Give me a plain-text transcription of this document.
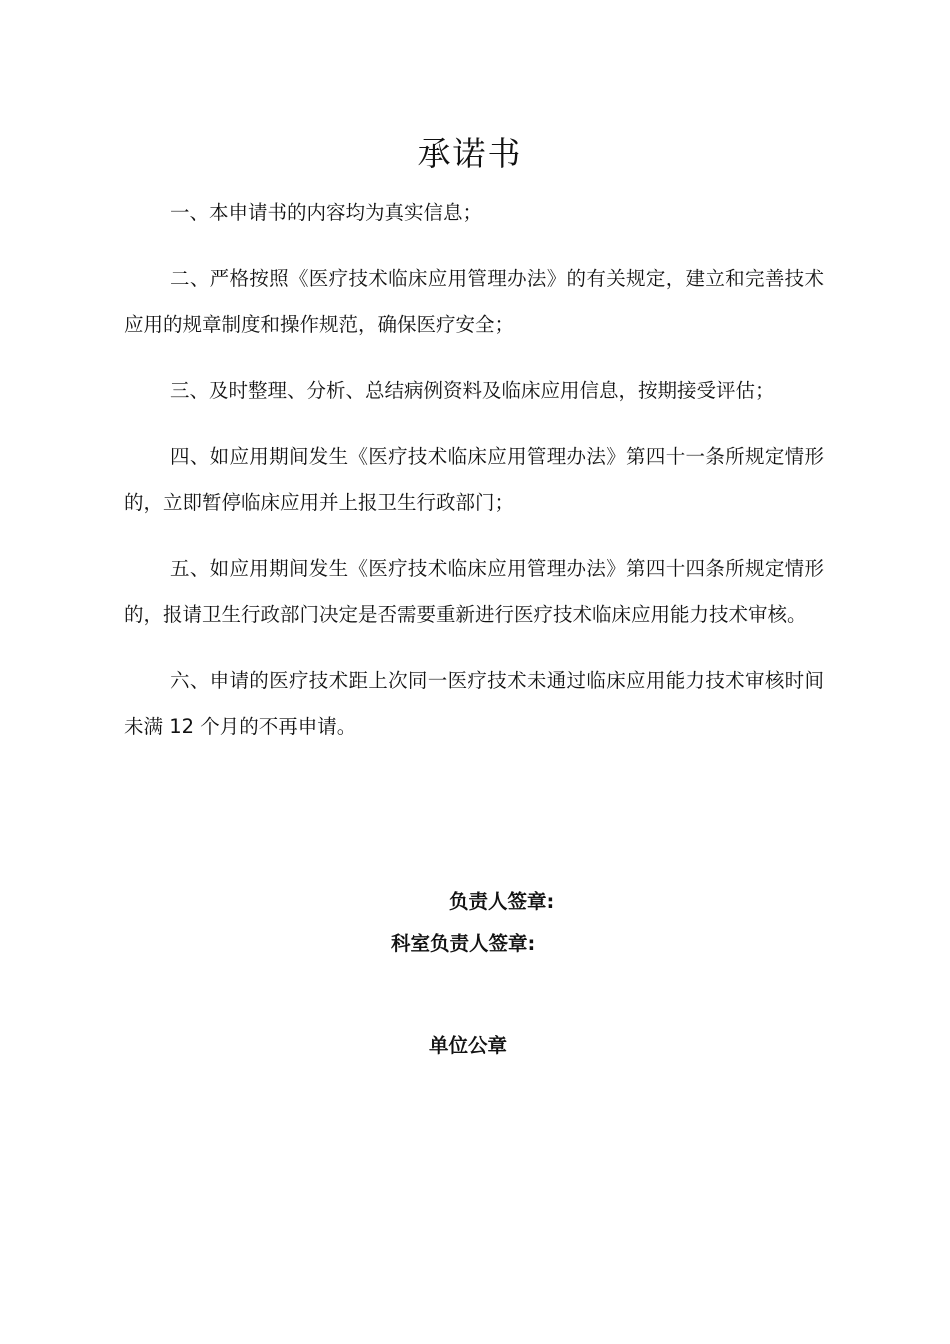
承诺书

一、本申请书的内容均为真实信息；

二、严格按照《医疗技术临床应用管理办法》的有关规定，建立和完善技术应用的规章制度和操作规范，确保医疗安全；

三、及时整理、分析、总结病例资料及临床应用信息，按期接受评估；

四、如应用期间发生《医疗技术临床应用管理办法》第四十一条所规定情形的，立即暂停临床应用并上报卫生行政部门；

五、如应用期间发生《医疗技术临床应用管理办法》第四十四条所规定情形的，报请卫生行政部门决定是否需要重新进行医疗技术临床应用能力技术审核。

六、申请的医疗技术距上次同一医疗技术未通过临床应用能力技术审核时间未满 12 个月的不再申请。

负责人签章:
科室负责人签章:
单位公章
